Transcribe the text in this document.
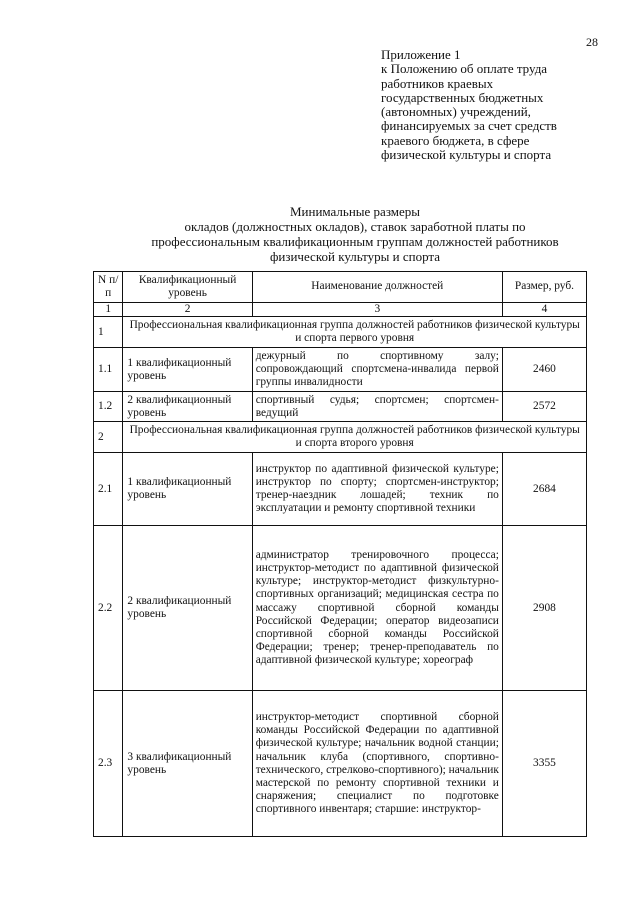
28
Приложение 1
к Положению об оплате труда
работников краевых
государственных бюджетных
(автономных) учреждений,
финансируемых за счет средств
краевого бюджета, в сфере
физической культуры и спорта
Минимальные размеры
окладов (должностных окладов), ставок заработной платы по
профессиональным квалификационным группам должностей работников
физической культуры и спорта
N п/п	Квалификационный уровень	Наименование должностей	Размер, руб.
1	2	3	4
1	Профессиональная квалификационная группа должностей работников физической культуры и спорта первого уровня		
1.1	1 квалификационный уровень	дежурный по спортивному залу; сопровождающий спортсмена-инвалида первой группы инвалидности	2460
1.2	2 квалификационный уровень	спортивный судья; спортсмен; спортсмен-ведущий	2572
2	Профессиональная квалификационная группа должностей работников физической культуры и спорта второго уровня		
2.1	1 квалификационный уровень	инструктор по адаптивной физической культуре; инструктор по спорту; спортсмен-инструктор; тренер-наездник лошадей; техник по эксплуатации и ремонту спортивной техники	2684
2.2	2 квалификационный уровень	администратор тренировочного процесса; инструктор-методист по адаптивной физической культуре; инструктор-методист физкультурно-спортивных организаций; медицинская сестра по массажу спортивной сборной команды Российской Федерации; оператор видеозаписи спортивной сборной команды Российской Федерации; тренер; тренер-преподаватель по адаптивной физической культуре; хореограф	2908
2.3	3 квалификационный уровень	инструктор-методист спортивной сборной команды Российской Федерации по адаптивной физической культуре; начальник водной станции; начальник клуба (спортивного, спортивно-технического, стрелково-спортивного); начальник мастерской по ремонту спортивной техники и снаряжения; специалист по подготовке спортивного инвентаря; старшие: инструктор-	3355
